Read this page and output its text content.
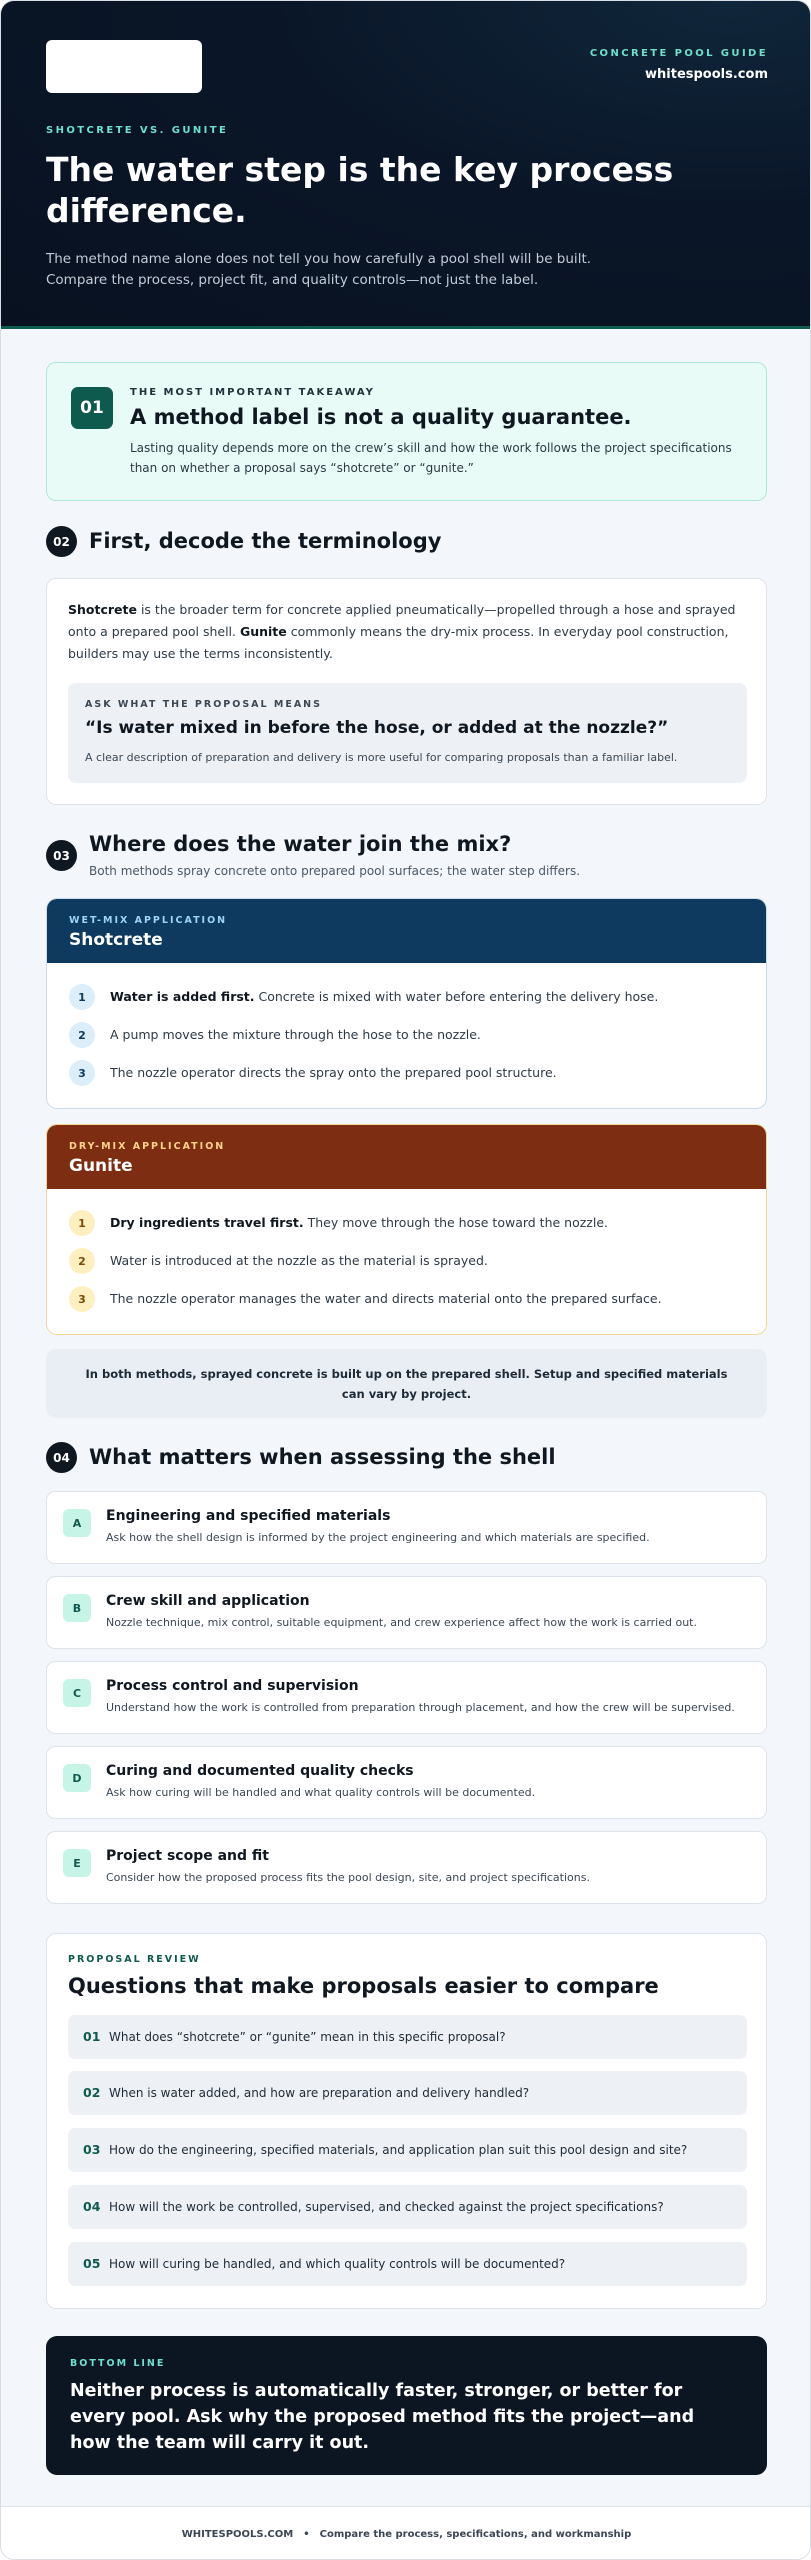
CONCRETE POOL GUIDE
whitespools.com
SHOTCRETE VS. GUNITE
The water step is the key process difference.
The method name alone does not tell you how carefully a pool shell will be built.
Compare the process, project fit, and quality controls—not just the label.
01
THE MOST IMPORTANT TAKEAWAY
A method label is not a quality guarantee.
Lasting quality depends more on the crew’s skill and how the work follows the project specifications than on whether a proposal says “shotcrete” or “gunite.”
02 First, decode the terminology

Shotcrete is the broader term for concrete applied pneumatically—propelled through a hose and sprayed onto a prepared pool shell. Gunite commonly means the dry-mix process. In everyday pool construction, builders may use the terms inconsistently.

ASK WHAT THE PROPOSAL MEANS
“Is water mixed in before the hose, or added at the nozzle?”
A clear description of preparation and delivery is more useful for comparing proposals than a familiar label.
03 Where does the water join the mix?
Both methods spray concrete onto prepared pool surfaces; the water step differs.
WET-MIX APPLICATION
Shotcrete
1	Water is added first. Concrete is mixed with water before entering the delivery hose.
2	A pump moves the mixture through the hose to the nozzle.
3	The nozzle operator directs the spray onto the prepared pool structure.
DRY-MIX APPLICATION
Gunite
1	Dry ingredients travel first. They move through the hose toward the nozzle.
2	Water is introduced at the nozzle as the material is sprayed.
3	The nozzle operator manages the water and directs material onto the prepared surface.
In both methods, sprayed concrete is built up on the prepared shell. Setup and specified materials can vary by project.
04 What matters when assessing the shell
A	Engineering and specified materials
Ask how the shell design is informed by the project engineering and which materials are specified.
B	Crew skill and application
Nozzle technique, mix control, suitable equipment, and crew experience affect how the work is carried out.
C	Process control and supervision
Understand how the work is controlled from preparation through placement, and how the crew will be supervised.
D	Curing and documented quality checks
Ask how curing will be handled and what quality controls will be documented.
E	Project scope and fit
Consider how the proposed process fits the pool design, site, and project specifications.
PROPOSAL REVIEW
Questions that make proposals easier to compare
01 What does “shotcrete” or “gunite” mean in this specific proposal?
02 When is water added, and how are preparation and delivery handled?
03 How do the engineering, specified materials, and application plan suit this pool design and site?
04 How will the work be controlled, supervised, and checked against the project specifications?
05 How will curing be handled, and which quality controls will be documented?
BOTTOM LINE
Neither process is automatically faster, stronger, or better for every pool. Ask why the proposed method fits the project—and how the team will carry it out.
WHITESPOOLS.COM • Compare the process, specifications, and workmanship
